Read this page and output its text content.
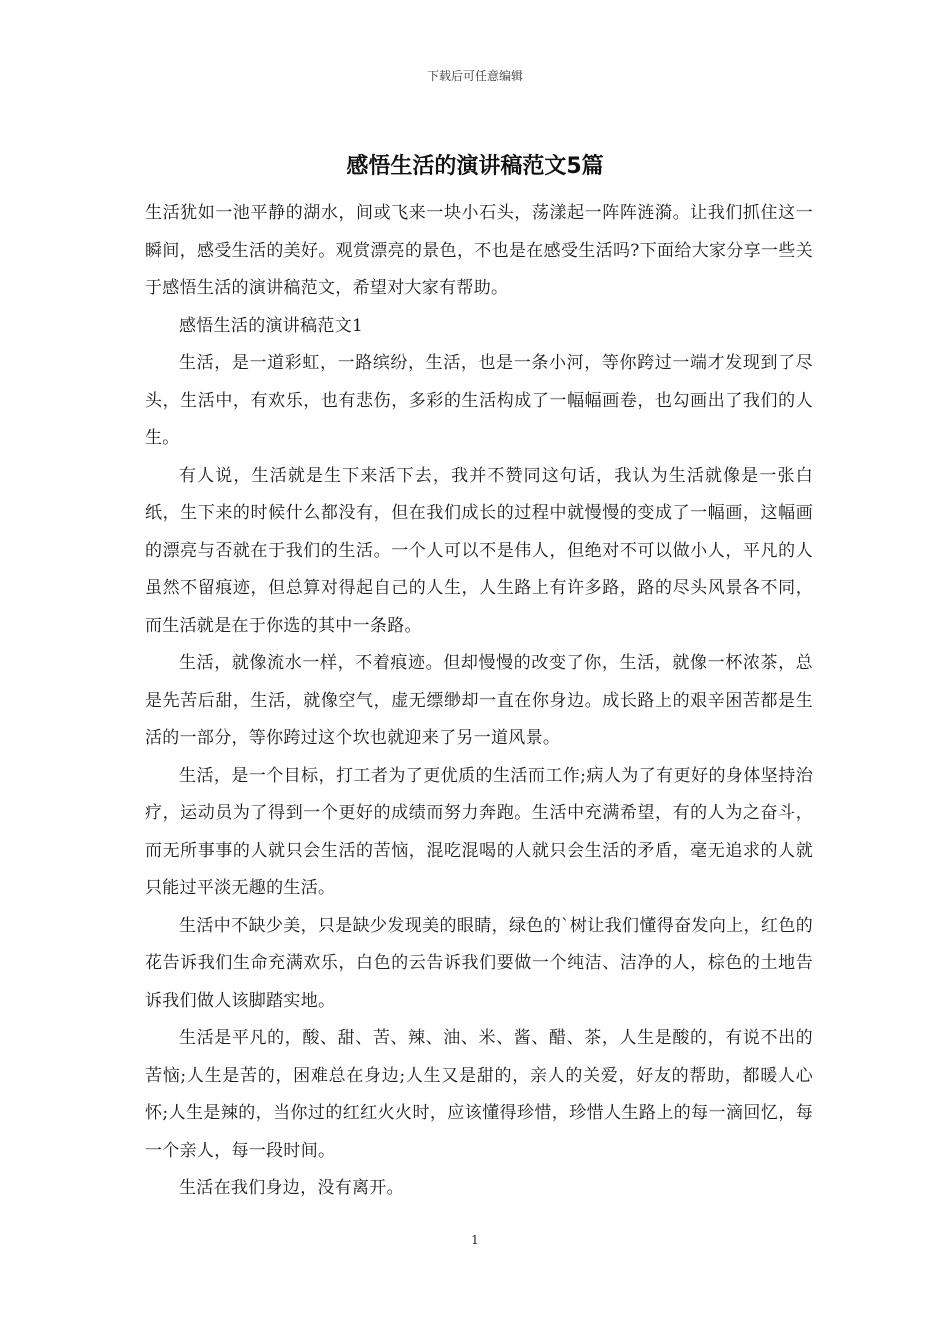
下载后可任意编辑
感悟生活的演讲稿范文5篇

生活犹如一池平静的湖水，间或飞来一块小石头，荡漾起一阵阵涟漪。让我们抓住这一瞬间，感受生活的美好。观赏漂亮的景色，不也是在感受生活吗?下面给大家分享一些关于感悟生活的演讲稿范文，希望对大家有帮助。

感悟生活的演讲稿范文1

生活，是一道彩虹，一路缤纷，生活，也是一条小河，等你跨过一端才发现到了尽头，生活中，有欢乐，也有悲伤，多彩的生活构成了一幅幅画卷，也勾画出了我们的人生。

有人说，生活就是生下来活下去，我并不赞同这句话，我认为生活就像是一张白纸，生下来的时候什么都没有，但在我们成长的过程中就慢慢的变成了一幅画，这幅画的漂亮与否就在于我们的生活。一个人可以不是伟人，但绝对不可以做小人，平凡的人虽然不留痕迹，但总算对得起自己的人生，人生路上有许多路，路的尽头风景各不同，而生活就是在于你选的其中一条路。

生活，就像流水一样，不着痕迹。但却慢慢的改变了你，生活，就像一杯浓茶，总是先苦后甜，生活，就像空气，虚无缥缈却一直在你身边。成长路上的艰辛困苦都是生活的一部分，等你跨过这个坎也就迎来了另一道风景。

生活，是一个目标，打工者为了更优质的生活而工作;病人为了有更好的身体坚持治疗，运动员为了得到一个更好的成绩而努力奔跑。生活中充满希望，有的人为之奋斗，而无所事事的人就只会生活的苦恼，混吃混喝的人就只会生活的矛盾，毫无追求的人就只能过平淡无趣的生活。

生活中不缺少美，只是缺少发现美的眼睛，绿色的`树让我们懂得奋发向上，红色的花告诉我们生命充满欢乐，白色的云告诉我们要做一个纯洁、洁净的人，棕色的土地告诉我们做人该脚踏实地。

生活是平凡的，酸、甜、苦、辣、油、米、酱、醋、茶，人生是酸的，有说不出的苦恼;人生是苦的，困难总在身边;人生又是甜的，亲人的关爱，好友的帮助，都暖人心怀;人生是辣的，当你过的红红火火时，应该懂得珍惜，珍惜人生路上的每一滴回忆，每一个亲人，每一段时间。

生活在我们身边，没有离开。

1
